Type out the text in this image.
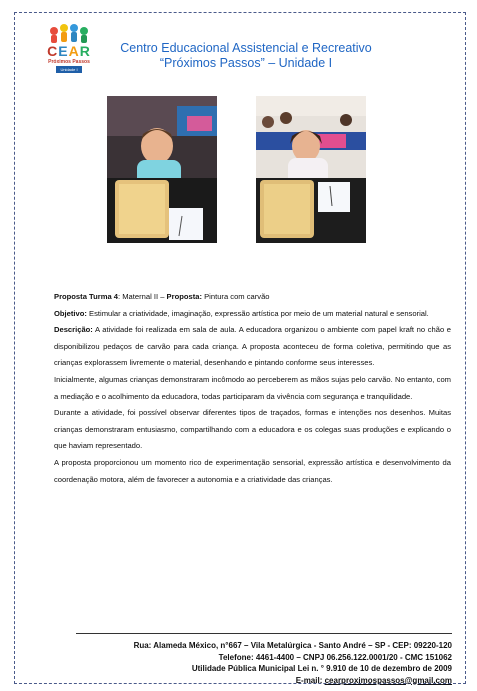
CEAR
Próximos Passos
Unidade I
Centro Educacional Assistencial e Recreativo
“Próximos Passos” – Unidade I

Proposta Turma 4: Maternal II – Proposta: Pintura com carvão

Objetivo: Estimular a criatividade, imaginação, expressão artística por meio de um material natural e sensorial.

Descrição: A atividade foi realizada em sala de aula. A educadora organizou o ambiente com papel kraft no chão e disponibilizou pedaços de carvão para cada criança. A proposta aconteceu de forma coletiva, permitindo que as crianças explorassem livremente o material, desenhando e pintando conforme seus interesses.

Inicialmente, algumas crianças demonstraram incômodo ao perceberem as mãos sujas pelo carvão. No entanto, com a mediação e o acolhimento da educadora, todas participaram da vivência com segurança e tranquilidade.

Durante a atividade, foi possível observar diferentes tipos de traçados, formas e intenções nos desenhos. Muitas crianças demonstraram entusiasmo, compartilhando com a educadora e os colegas suas produções e explicando o que haviam representado.

A proposta proporcionou um momento rico de experimentação sensorial, expressão artística e desenvolvimento da coordenação motora, além de favorecer a autonomia e a criatividade das crianças.

Rua: Alameda México, n°667 – Vila Metalúrgica - Santo André – SP - CEP: 09220-120
Telefone: 4461-4400 – CNPJ 06.256.122.0001/20 - CMC 151062
Utilidade Pública Municipal Lei n. ° 9.910 de 10 de dezembro de 2009
E-mail: cearproximospassos@gmail.com
